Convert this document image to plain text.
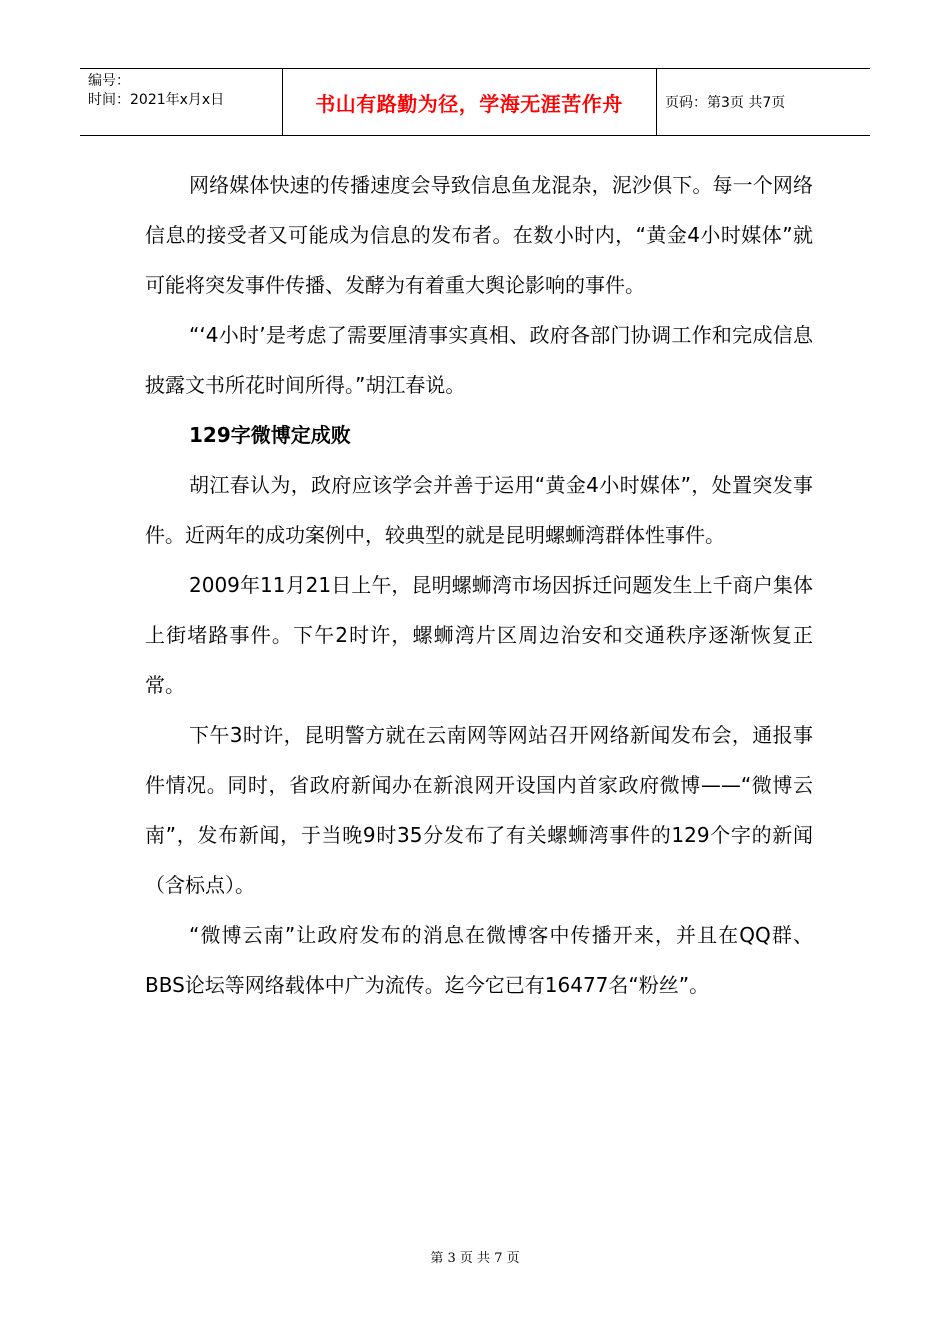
编号：
时间：2021年x月x日	书山有路勤为径，学海无涯苦作舟	页码：第3页 共7页

网络媒体快速的传播速度会导致信息鱼龙混杂，泥沙俱下。每一个网络信息的接受者又可能成为信息的发布者。在数小时内，“黄金4小时媒体”就可能将突发事件传播、发酵为有着重大舆论影响的事件。

“‘4小时’是考虑了需要厘清事实真相、政府各部门协调工作和完成信息披露文书所花时间所得。”胡江春说。

129字微博定成败

胡江春认为，政府应该学会并善于运用“黄金4小时媒体”，处置突发事件。近两年的成功案例中，较典型的就是昆明螺蛳湾群体性事件。

2009年11月21日上午，昆明螺蛳湾市场因拆迁问题发生上千商户集体上街堵路事件。下午2时许，螺蛳湾片区周边治安和交通秩序逐渐恢复正常。

下午3时许，昆明警方就在云南网等网站召开网络新闻发布会，通报事件情况。同时，省政府新闻办在新浪网开设国内首家政府微博——“微博云南”，发布新闻，于当晚9时35分发布了有关螺蛳湾事件的129个字的新闻（含标点）。

“微博云南”让政府发布的消息在微博客中传播开来，并且在QQ群、BBS论坛等网络载体中广为流传。迄今它已有16477名“粉丝”。

第 3 页 共 7 页
